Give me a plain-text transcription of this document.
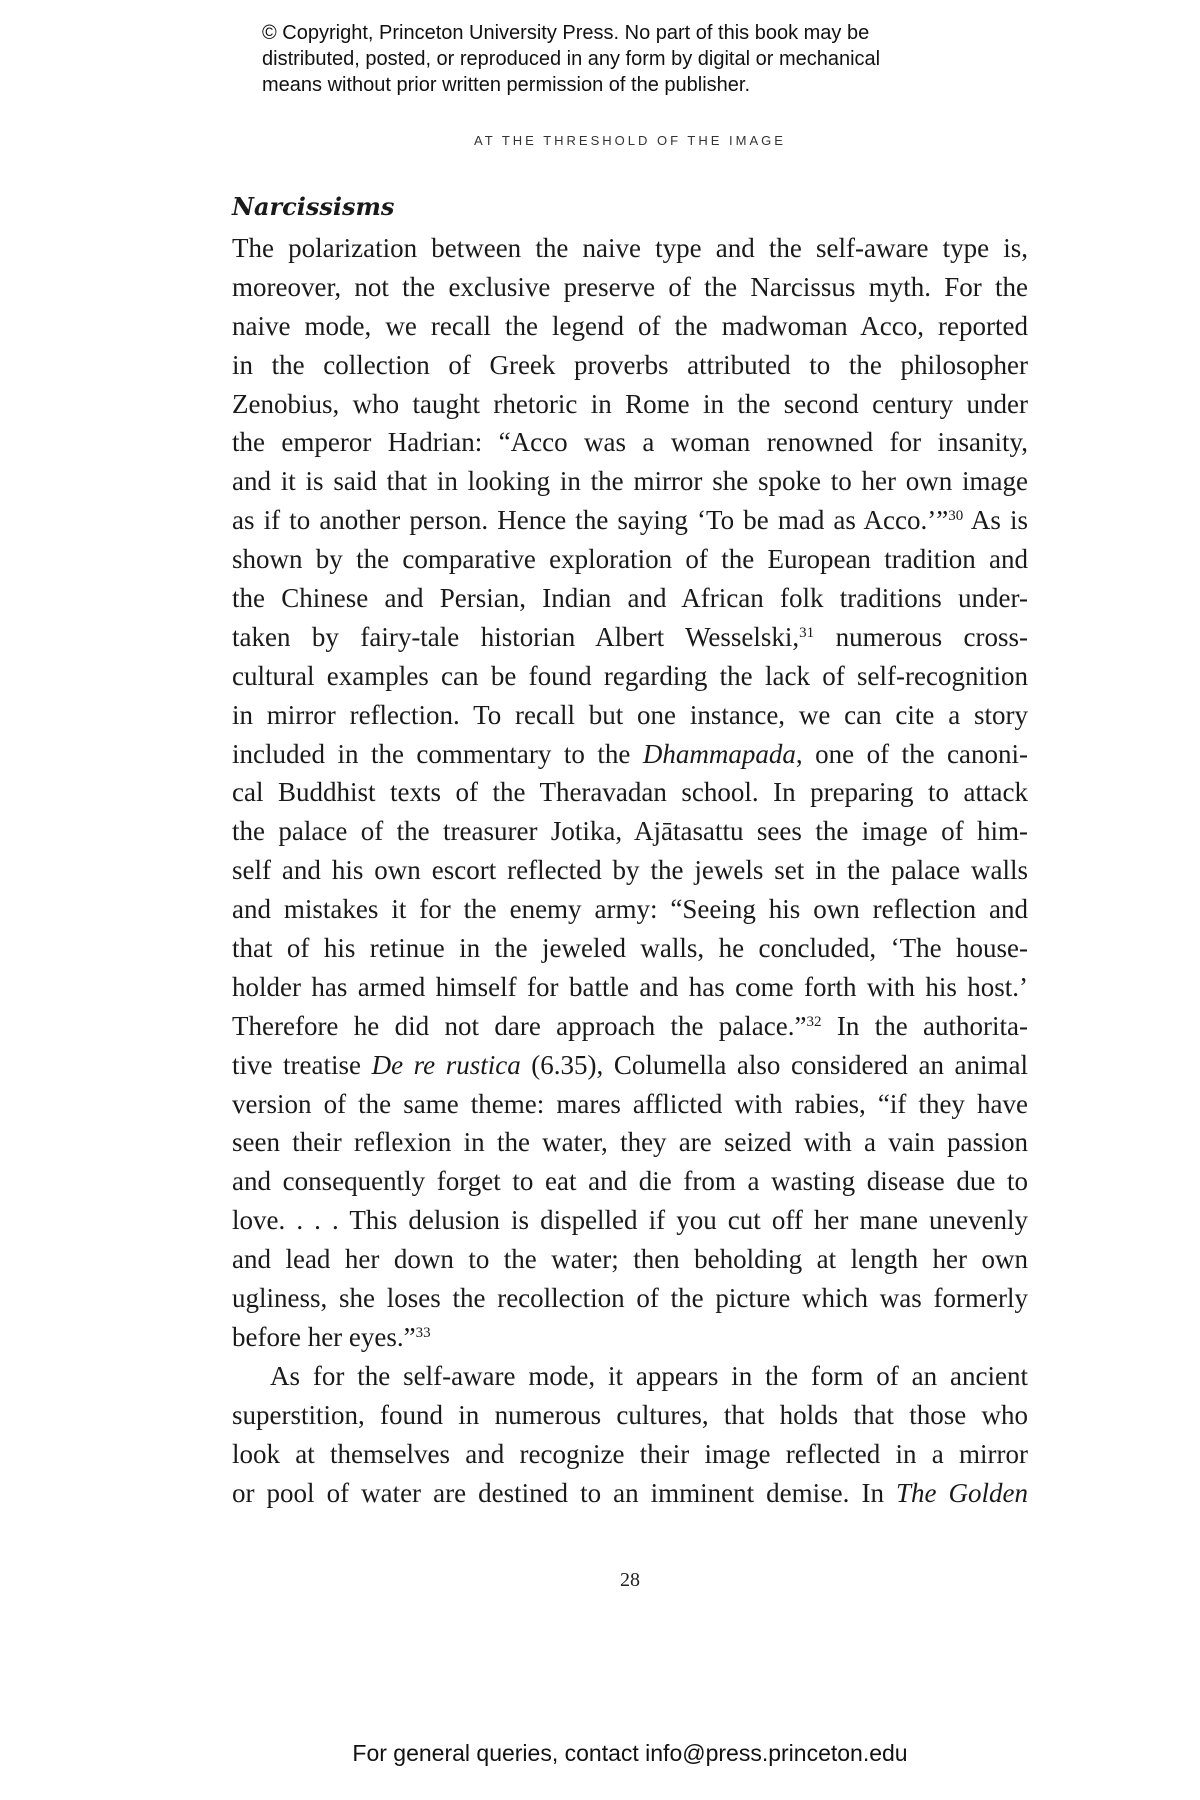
© Copyright, Princeton University Press. No part of this book may be
distributed, posted, or reproduced in any form by digital or mechanical
means without prior written permission of the publisher.
AT THE THRESHOLD OF THE IMAGE
Narcissisms
The polarization between the naive type and the self-aware type is,
moreover, not the exclusive preserve of the Narcissus myth. For the
naive mode, we recall the legend of the madwoman Acco, reported
in the collection of Greek proverbs attributed to the philosopher
Zenobius, who taught rhetoric in Rome in the second century under
the emperor Hadrian: “Acco was a woman renowned for insanity,
and it is said that in looking in the mirror she spoke to her own image
as if to another person. Hence the saying ‘To be mad as Acco.’”$^{30}$ As is
shown by the comparative exploration of the European tradition and
the Chinese and Persian, Indian and African folk traditions under-
taken by fairy-tale historian Albert Wesselski,$^{31}$ numerous cross-
cultural examples can be found regarding the lack of self-recognition
in mirror reflection. To recall but one instance, we can cite a story
included in the commentary to the Dhammapada, one of the canoni-
cal Buddhist texts of the Theravadan school. In preparing to attack
the palace of the treasurer Jotika, Ajātasattu sees the image of him-
self and his own escort reflected by the jewels set in the palace walls
and mistakes it for the enemy army: “Seeing his own reflection and
that of his retinue in the jeweled walls, he concluded, ‘The house-
holder has armed himself for battle and has come forth with his host.’
Therefore he did not dare approach the palace.”$^{32}$ In the authorita-
tive treatise De re rustica (6.35), Columella also considered an animal
version of the same theme: mares afflicted with rabies, “if they have
seen their reflexion in the water, they are seized with a vain passion
and consequently forget to eat and die from a wasting disease due to
love. . . . This delusion is dispelled if you cut off her mane unevenly
and lead her down to the water; then beholding at length her own
ugliness, she loses the recollection of the picture which was formerly
before her eyes.”$^{33}$
As for the self-aware mode, it appears in the form of an ancient
superstition, found in numerous cultures, that holds that those who
look at themselves and recognize their image reflected in a mirror
or pool of water are destined to an imminent demise. In The Golden
28
For general queries, contact info@press.princeton.edu
